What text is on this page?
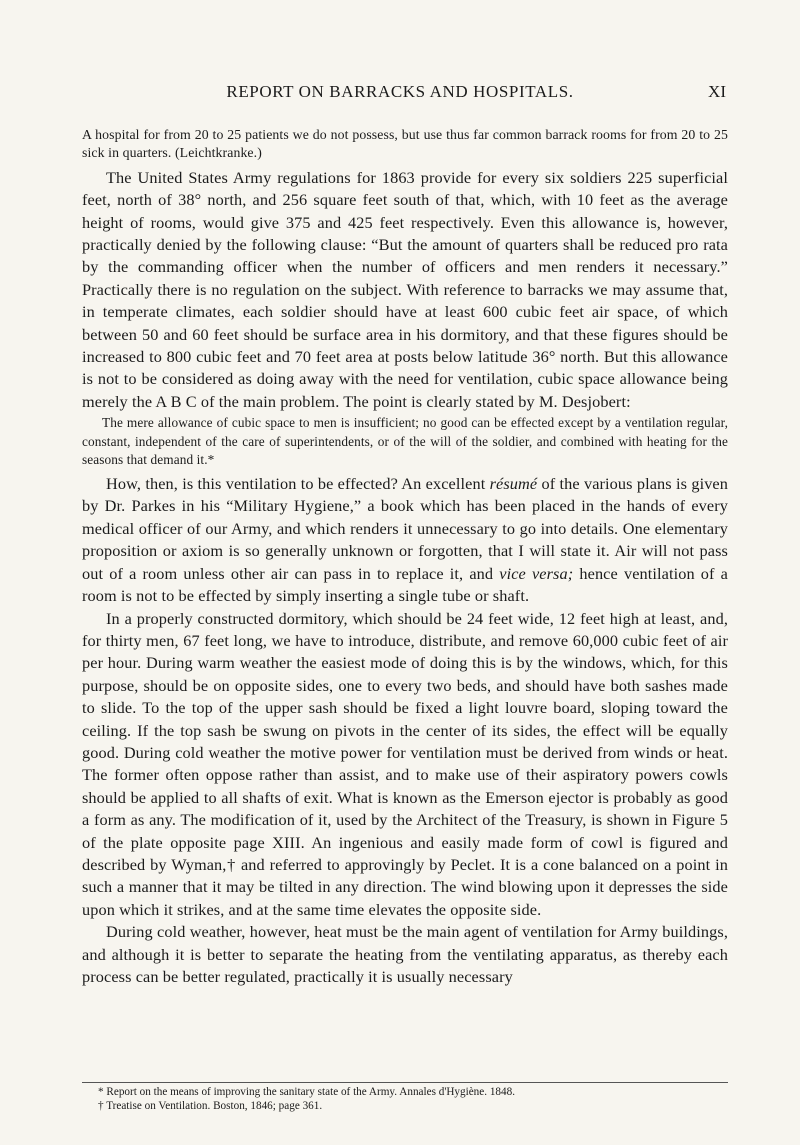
REPORT ON BARRACKS AND HOSPITALS.	XI

A hospital for from 20 to 25 patients we do not possess, but use thus far common barrack rooms for from 20 to 25 sick in quarters. (Leichtkranke.)

The United States Army regulations for 1863 provide for every six soldiers 225 superficial feet, north of 38° north, and 256 square feet south of that, which, with 10 feet as the average height of rooms, would give 375 and 425 feet respectively. Even this allowance is, however, practically denied by the following clause: “But the amount of quarters shall be reduced pro rata by the commanding officer when the number of officers and men renders it necessary.” Practically there is no regulation on the subject. With reference to barracks we may assume that, in temperate climates, each soldier should have at least 600 cubic feet air space, of which between 50 and 60 feet should be surface area in his dormitory, and that these figures should be increased to 800 cubic feet and 70 feet area at posts below latitude 36° north. But this allowance is not to be considered as doing away with the need for ventilation, cubic space allowance being merely the A B C of the main problem. The point is clearly stated by M. Desjobert:

The mere allowance of cubic space to men is insufficient; no good can be effected except by a ventilation regular, constant, independent of the care of superintendents, or of the will of the soldier, and combined with heating for the seasons that demand it.*

How, then, is this ventilation to be effected? An excellent résumé of the various plans is given by Dr. Parkes in his “Military Hygiene,” a book which has been placed in the hands of every medical officer of our Army, and which renders it unnecessary to go into details. One elementary proposition or axiom is so generally unknown or forgotten, that I will state it. Air will not pass out of a room unless other air can pass in to replace it, and vice versa; hence ventilation of a room is not to be effected by simply inserting a single tube or shaft.

In a properly constructed dormitory, which should be 24 feet wide, 12 feet high at least, and, for thirty men, 67 feet long, we have to introduce, distribute, and remove 60,000 cubic feet of air per hour. During warm weather the easiest mode of doing this is by the windows, which, for this purpose, should be on opposite sides, one to every two beds, and should have both sashes made to slide. To the top of the upper sash should be fixed a light louvre board, sloping toward the ceiling. If the top sash be swung on pivots in the center of its sides, the effect will be equally good. During cold weather the motive power for ventilation must be derived from winds or heat. The former often oppose rather than assist, and to make use of their aspiratory powers cowls should be applied to all shafts of exit. What is known as the Emerson ejector is probably as good a form as any. The modification of it, used by the Architect of the Treasury, is shown in Figure 5 of the plate opposite page XIII. An ingenious and easily made form of cowl is figured and described by Wyman,† and referred to approvingly by Peclet. It is a cone balanced on a point in such a manner that it may be tilted in any direction. The wind blowing upon it depresses the side upon which it strikes, and at the same time elevates the opposite side.

During cold weather, however, heat must be the main agent of ventilation for Army buildings, and although it is better to separate the heating from the ventilating apparatus, as thereby each process can be better regulated, practically it is usually necessary

* Report on the means of improving the sanitary state of the Army. Annales d'Hygiène. 1848.
† Treatise on Ventilation. Boston, 1846; page 361.
